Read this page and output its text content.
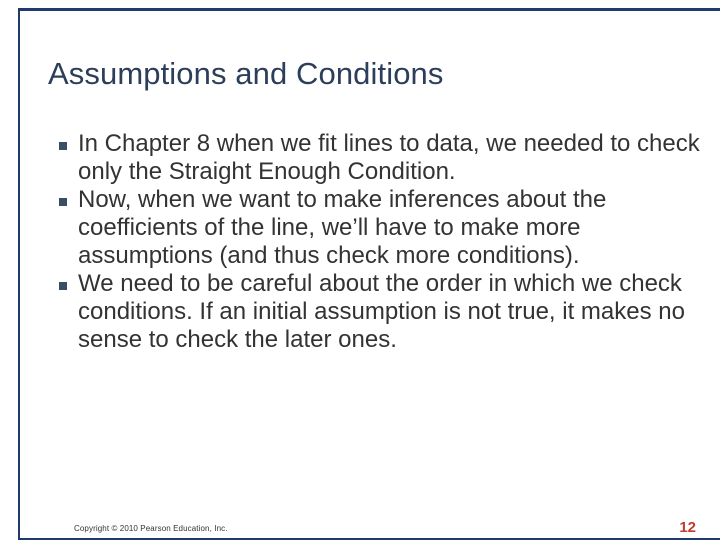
Assumptions and Conditions

In Chapter 8 when we fit lines to data, we needed to check only the Straight Enough Condition.

Now, when we want to make inferences about the coefficients of the line, we’ll have to make more assumptions (and thus check more conditions).

We need to be careful about the order in which we check conditions. If an initial assumption is not true, it makes no sense to check the later ones.

Copyright © 2010 Pearson Education, Inc.	12
